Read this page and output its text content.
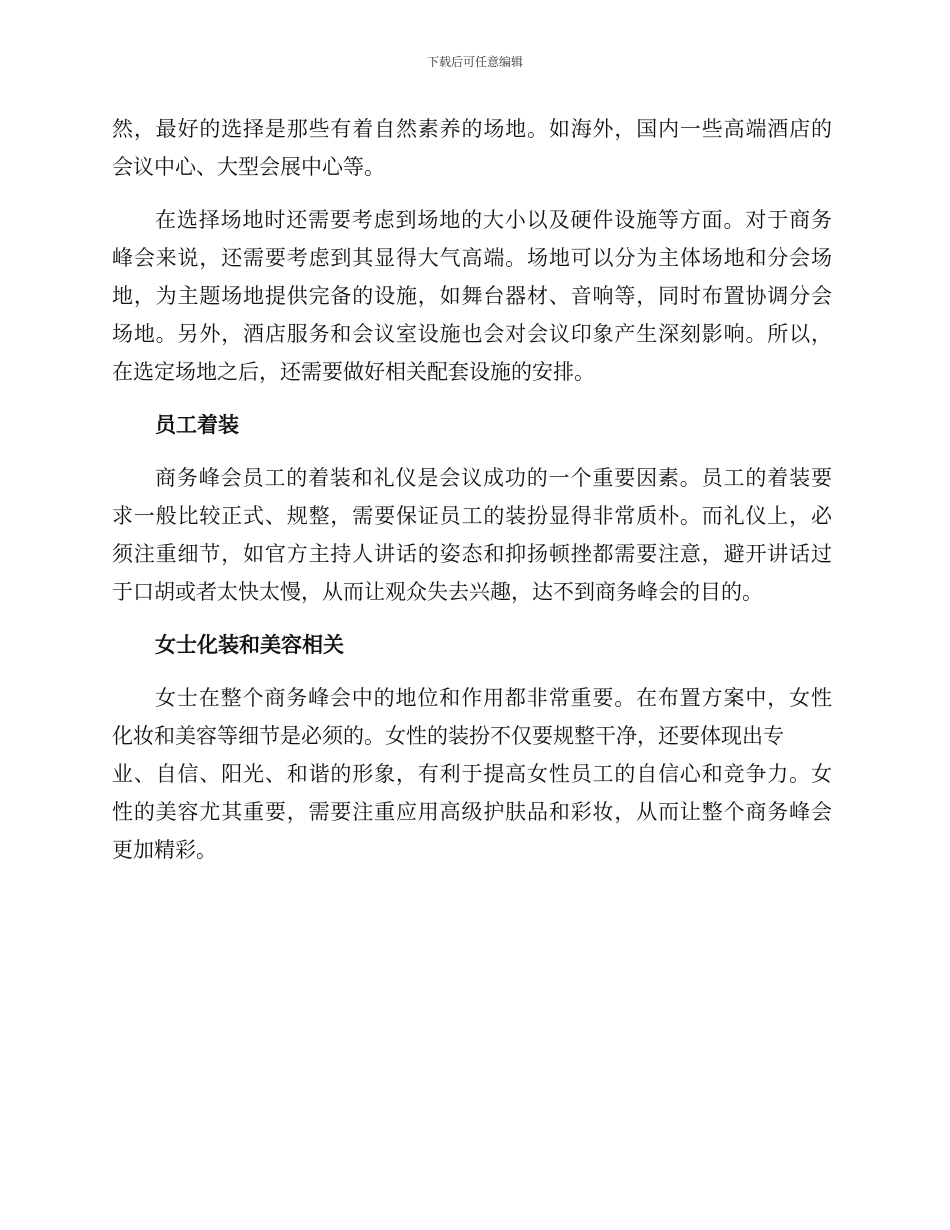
下载后可任意编辑
然，最好的选择是那些有着自然素养的场地。如海外，国内一些高端酒店的
会议中心、大型会展中心等。
在选择场地时还需要考虑到场地的大小以及硬件设施等方面。对于商务
峰会来说，还需要考虑到其显得大气高端。场地可以分为主体场地和分会场
地，为主题场地提供完备的设施，如舞台器材、音响等，同时布置协调分会
场地。另外，酒店服务和会议室设施也会对会议印象产生深刻影响。所以，
在选定场地之后，还需要做好相关配套设施的安排。
员工着装
商务峰会员工的着装和礼仪是会议成功的一个重要因素。员工的着装要
求一般比较正式、规整，需要保证员工的装扮显得非常质朴。而礼仪上，必
须注重细节，如官方主持人讲话的姿态和抑扬顿挫都需要注意，避开讲话过
于口胡或者太快太慢，从而让观众失去兴趣，达不到商务峰会的目的。
女士化装和美容相关
女士在整个商务峰会中的地位和作用都非常重要。在布置方案中，女性
化妆和美容等细节是必须的。女性的装扮不仅要规整干净，还要体现出专
业、自信、阳光、和谐的形象，有利于提高女性员工的自信心和竞争力。女
性的美容尤其重要，需要注重应用高级护肤品和彩妆，从而让整个商务峰会
更加精彩。
